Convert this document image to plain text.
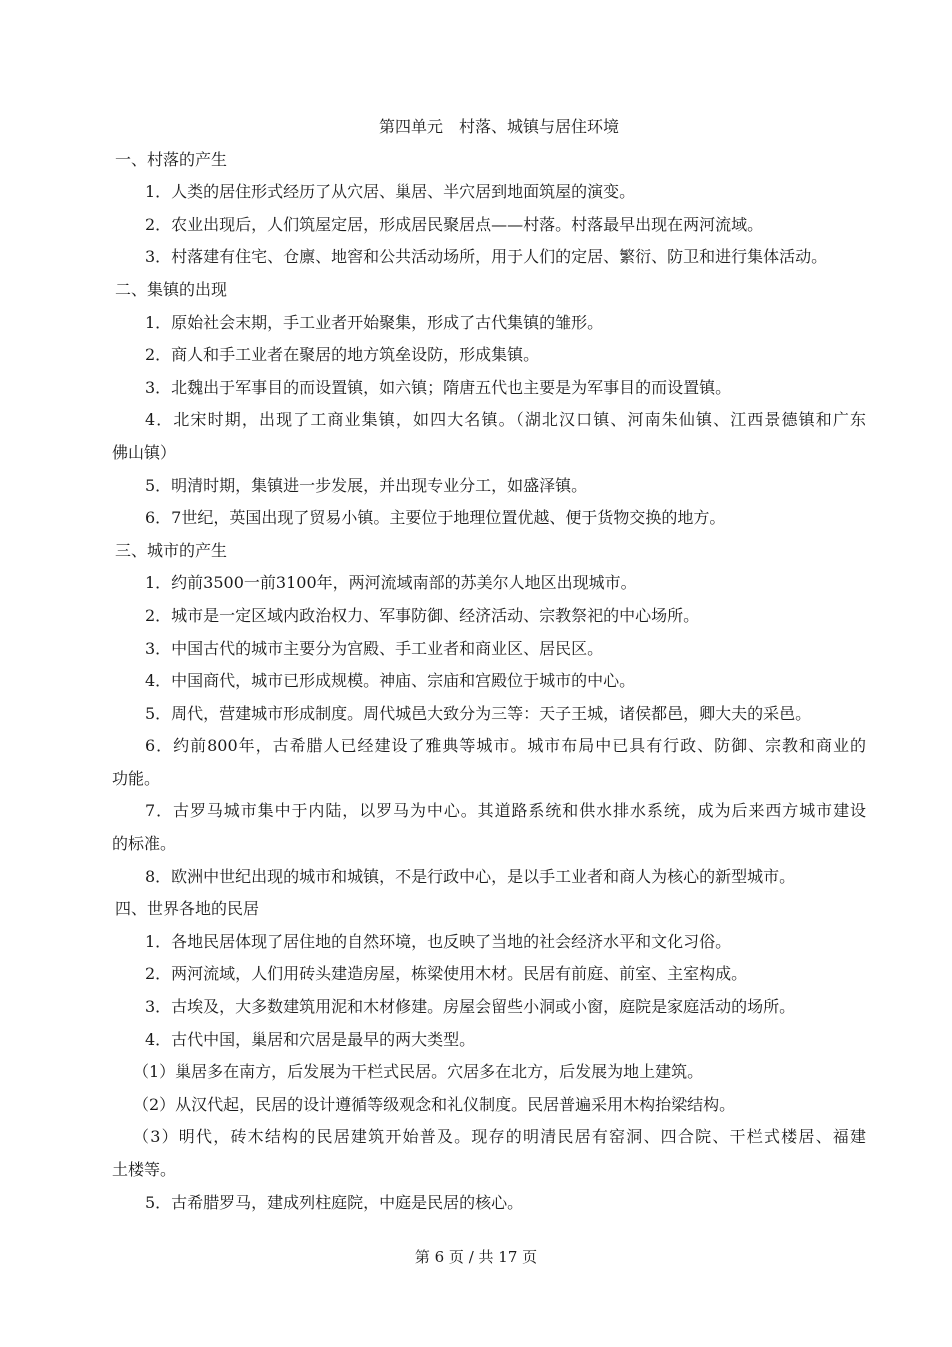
第四单元　村落、城镇与居住环境
一、村落的产生
1．人类的居住形式经历了从穴居、巢居、半穴居到地面筑屋的演变。
2．农业出现后，人们筑屋定居，形成居民聚居点——村落。村落最早出现在两河流域。
3．村落建有住宅、仓廪、地窖和公共活动场所，用于人们的定居、繁衍、防卫和进行集体活动。
二、集镇的出现
1．原始社会末期，手工业者开始聚集，形成了古代集镇的雏形。
2．商人和手工业者在聚居的地方筑垒设防，形成集镇。
3．北魏出于军事目的而设置镇，如六镇；隋唐五代也主要是为军事目的而设置镇。
4．北宋时期，出现了工商业集镇，如四大名镇。（湖北汉口镇、河南朱仙镇、江西景德镇和广东
佛山镇）
5．明清时期，集镇进一步发展，并出现专业分工，如盛泽镇。
6．7世纪，英国出现了贸易小镇。主要位于地理位置优越、便于货物交换的地方。
三、城市的产生
1．约前3500一前3100年，两河流域南部的苏美尔人地区出现城市。
2．城市是一定区域内政治权力、军事防御、经济活动、宗教祭祀的中心场所。
3．中国古代的城市主要分为宫殿、手工业者和商业区、居民区。
4．中国商代，城市已形成规模。神庙、宗庙和宫殿位于城市的中心。
5．周代，营建城市形成制度。周代城邑大致分为三等：天子王城，诸侯都邑，卿大夫的采邑。
6．约前800年，古希腊人已经建设了雅典等城市。城市布局中已具有行政、防御、宗教和商业的
功能。
7．古罗马城市集中于内陆，以罗马为中心。其道路系统和供水排水系统，成为后来西方城市建设
的标准。
8．欧洲中世纪出现的城市和城镇，不是行政中心，是以手工业者和商人为核心的新型城市。
四、世界各地的民居
1．各地民居体现了居住地的自然环境，也反映了当地的社会经济水平和文化习俗。
2．两河流域，人们用砖头建造房屋，栋梁使用木材。民居有前庭、前室、主室构成。
3．古埃及，大多数建筑用泥和木材修建。房屋会留些小洞或小窗，庭院是家庭活动的场所。
4．古代中国，巢居和穴居是最早的两大类型。
（1）巢居多在南方，后发展为干栏式民居。穴居多在北方，后发展为地上建筑。
（2）从汉代起，民居的设计遵循等级观念和礼仪制度。民居普遍采用木构抬梁结构。
（3）明代，砖木结构的民居建筑开始普及。现存的明清民居有窑洞、四合院、干栏式楼居、福建
土楼等。
5．古希腊罗马，建成列柱庭院，中庭是民居的核心。
第 6 页 / 共 17 页
